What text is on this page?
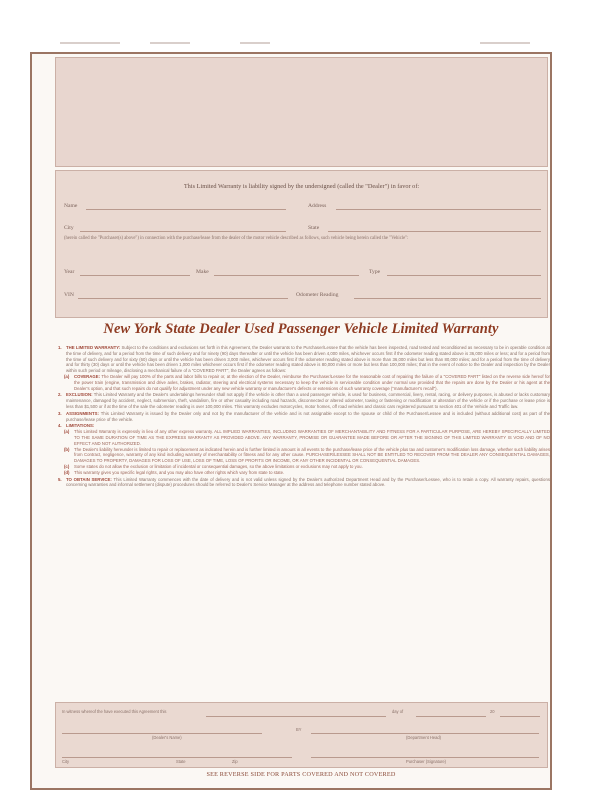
This Limited Warranty is liability signed by the undersigned (called the "Dealer") in favor of:
Name	Address
City	State
(herein called the "Purchaser(s) above") in connection with the purchase/lease from the dealer of the motor vehicle described as follows, such vehicle being herein called the "Vehicle":
Year	Make	Type
VIN	Odometer Reading
New York State Dealer Used Passenger Vehicle Limited Warranty
1. THE LIMITED WARRANTY: Subject to the conditions and exclusions set forth in this Agreement, the Dealer warrants to the Purchaser/Lessee that the vehicle has been inspected, road tested and reconditioned as necessary to be in operable condition at the time of delivery, and for a period from the time of such delivery and for ninety (90) days thereafter or until the vehicle has been driven 4,000 miles, whichever occurs first if the odometer reading stated above is 36,000 miles or less; and for a period from the time of such delivery and for sixty (60) days or until the vehicle has been driven 3,000 miles, whichever occurs first if the odometer reading stated above is more than 36,000 miles but less than 80,000 miles; and for a period from the time of delivery and for thirty (30) days or until the vehicle has been driven 1,000 miles whichever occurs first if the odometer reading stated above is 80,000 miles or more but less than 100,000 miles; that in the event of notice to the Dealer and inspection by the Dealer within such period or mileage, disclosing a mechanical failure of a "COVERED PART", the Dealer agrees as follows:
(a) COVERAGE: The Dealer will pay 100% of the parts and labor bills to repair or, at the election of the Dealer, reimburse the Purchaser/Lessee for the reasonable cost of repairing the failure of a "COVERED PART" listed on the reverse side hereof for the power train (engine, transmission and drive axles, brakes, radiator, steering and electrical systems necessary to keep the vehicle in serviceable condition under normal use provided that the repairs are done by the Dealer or his agent at the Dealer's option, and that such repairs do not qualify for adjustment under any new vehicle warranty or manufacturer's defects or extensions of such warranty coverage ("manufacturer's recall").
2. EXCLUSION: This Limited Warranty and the Dealer's undertakings hereunder shall not apply if the vehicle is other than a used passenger vehicle, is used for business, commercial, livery, rental, racing, or delivery purposes, is abused or lacks customary maintenance, damaged by accident, neglect, submersion, theft, vandalism, fire or other casualty including road hazards, disconnected or altered odometer, towing or fastening or modification or alteration of the vehicle or if the purchase or lease price is less than $1,500 or if at the time of the sale the odometer reading is over 100,000 miles. This warranty excludes motorcycles, motor homes, off road vehicles and classic cars registered pursuant to section 401 of the Vehicle and Traffic law.
3. ASSIGNMENTS: This Limited Warranty is issued by the Dealer only and not by the manufacturer of the vehicle and is not assignable except to the spouse or child of the Purchaser/Lessee and is included (without additional cost) as part of the purchase/lease price of the vehicle.
4. LIMITATIONS:
(a) This Limited Warranty is expressly in lieu of any other express warranty. ALL IMPLIED WARRANTIES, INCLUDING WARRANTIES OF MERCHANTABILITY AND FITNESS FOR A PARTICULAR PURPOSE, ARE HEREBY SPECIFICALLY LIMITED TO THE SAME DURATION OF TIME AS THE EXPRESS WARRANTY AS PROVIDED ABOVE. ANY WARRANTY, PROMISE OR GUARANTEE MADE BEFORE OR AFTER THE SIGNING OF THIS LIMITED WARRANTY IS VOID AND OF NO EFFECT AND NOT AUTHORIZED.
(b) The Dealer's liability hereunder is limited to repair or replacement as indicated herein and is further limited in amount in all events to the purchase/lease price of the vehicle plus tax and customer's modification loss damage, whether such liability arises from Contract, negligence, warranty of any kind including warranty of merchantability or fitness and for any other cause. PURCHASER/LESSEE SHALL NOT BE ENTITLED TO RECOVER FROM THE DEALER ANY CONSEQUENTIAL DAMAGES, DAMAGES TO PROPERTY, DAMAGES FOR LOSS OF USE, LOSS OF TIME, LOSS OF PROFITS OR INCOME, OR ANY OTHER INCIDENTAL OR CONSEQUENTIAL DAMAGES.
(c) Some states do not allow the exclusion or limitation of incidental or consequential damages, so the above limitations or exclusions may not apply to you.
(d) This warranty gives you specific legal rights, and you may also have other rights which vary from state to state.
5. TO OBTAIN SERVICE: This Limited Warranty commences with the date of delivery and is not valid unless signed by the Dealer's authorized Department Head and by the Purchaser/Lessee, who is to retain a copy. All warranty repairs, questions concerning warranties and informal settlement (dispute) procedures should be referred to Dealer's Service Manager at the address and telephone number stated above.
In witness whereof the have executed this Agreement this	day of	20
(Dealer's Name)
BY
(Department Head)
City	State	Zip	Purchaser (Signature)
SEE REVERSE SIDE FOR PARTS COVERED AND NOT COVERED
